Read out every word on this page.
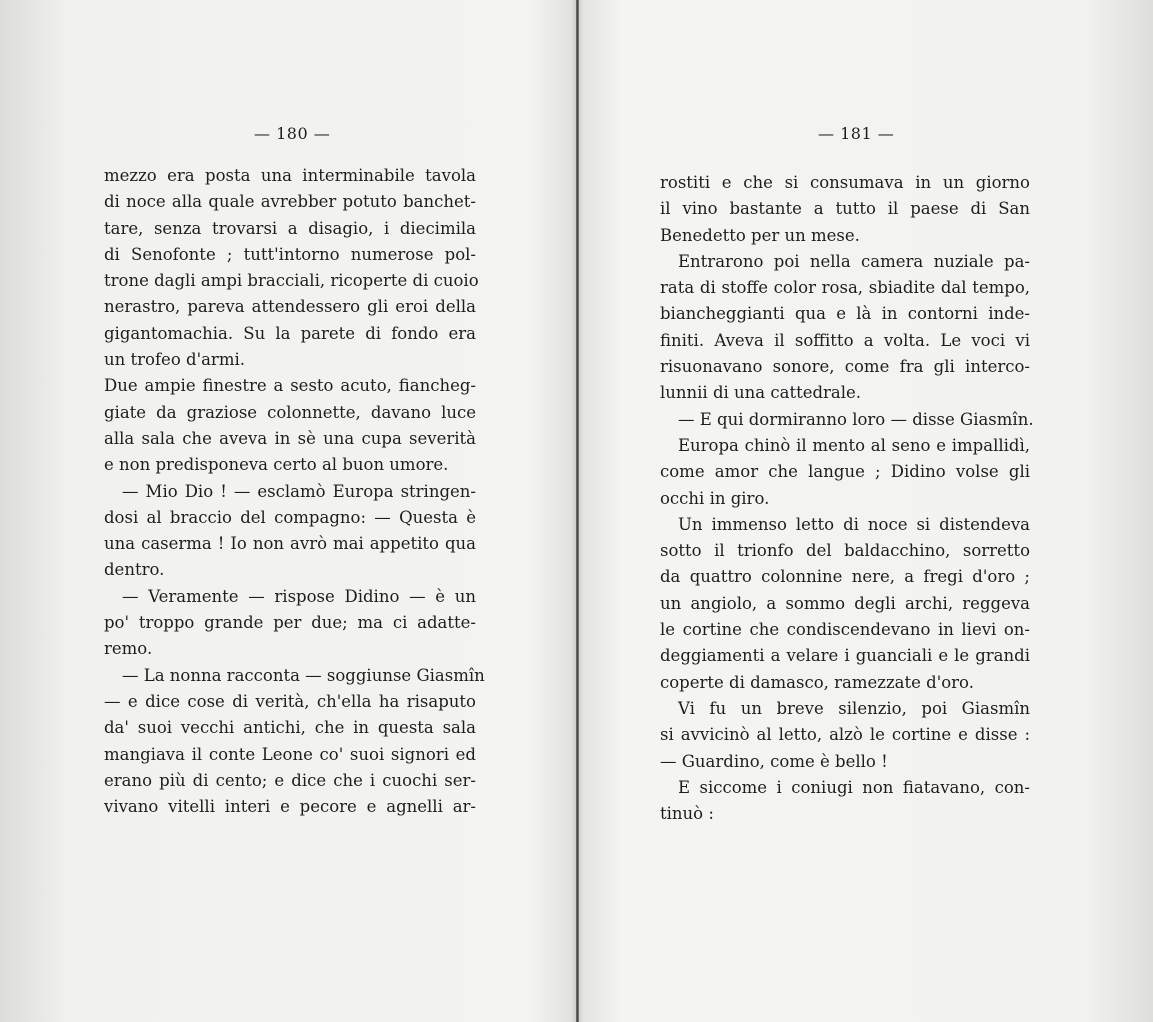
— 180 —
mezzo era posta una interminabile tavola
di noce alla quale avrebber potuto banchet-
tare, senza trovarsi a disagio, i diecimila
di Senofonte ; tutt'intorno numerose pol-
trone dagli ampi bracciali, ricoperte di cuoio
nerastro, pareva attendessero gli eroi della
gigantomachia. Su la parete di fondo era
un trofeo d'armi.
Due ampie finestre a sesto acuto, fiancheg-
giate da graziose colonnette, davano luce
alla sala che aveva in sè una cupa severità
e non predisponeva certo al buon umore.
— Mio Dio ! — esclamò Europa stringen-
dosi al braccio del compagno: — Questa è
una caserma ! Io non avrò mai appetito qua
dentro.
— Veramente — rispose Didino — è un
po' troppo grande per due; ma ci adatte-
remo.
— La nonna racconta — soggiunse Giasmîn
— e dice cose di verità, ch'ella ha risaputo
da' suoi vecchi antichi, che in questa sala
mangiava il conte Leone co' suoi signori ed
erano più di cento; e dice che i cuochi ser-
vivano vitelli interi e pecore e agnelli ar-
— 181 —
rostiti e che si consumava in un giorno
il vino bastante a tutto il paese di San
Benedetto per un mese.
Entrarono poi nella camera nuziale pa-
rata di stoffe color rosa, sbiadite dal tempo,
biancheggianti qua e là in contorni inde-
finiti. Aveva il soffitto a volta. Le voci vi
risuonavano sonore, come fra gli interco-
lunnii di una cattedrale.
— E qui dormiranno loro — disse Giasmîn.
Europa chinò il mento al seno e impallidì,
come amor che langue ; Didino volse gli
occhi in giro.
Un immenso letto di noce si distendeva
sotto il trionfo del baldacchino, sorretto
da quattro colonnine nere, a fregi d'oro ;
un angiolo, a sommo degli archi, reggeva
le cortine che condiscendevano in lievi on-
deggiamenti a velare i guanciali e le grandi
coperte di damasco, ramezzate d'oro.
Vi fu un breve silenzio, poi Giasmîn
si avvicinò al letto, alzò le cortine e disse :
— Guardino, come è bello !
E siccome i coniugi non fiatavano, con-
tinuò :
